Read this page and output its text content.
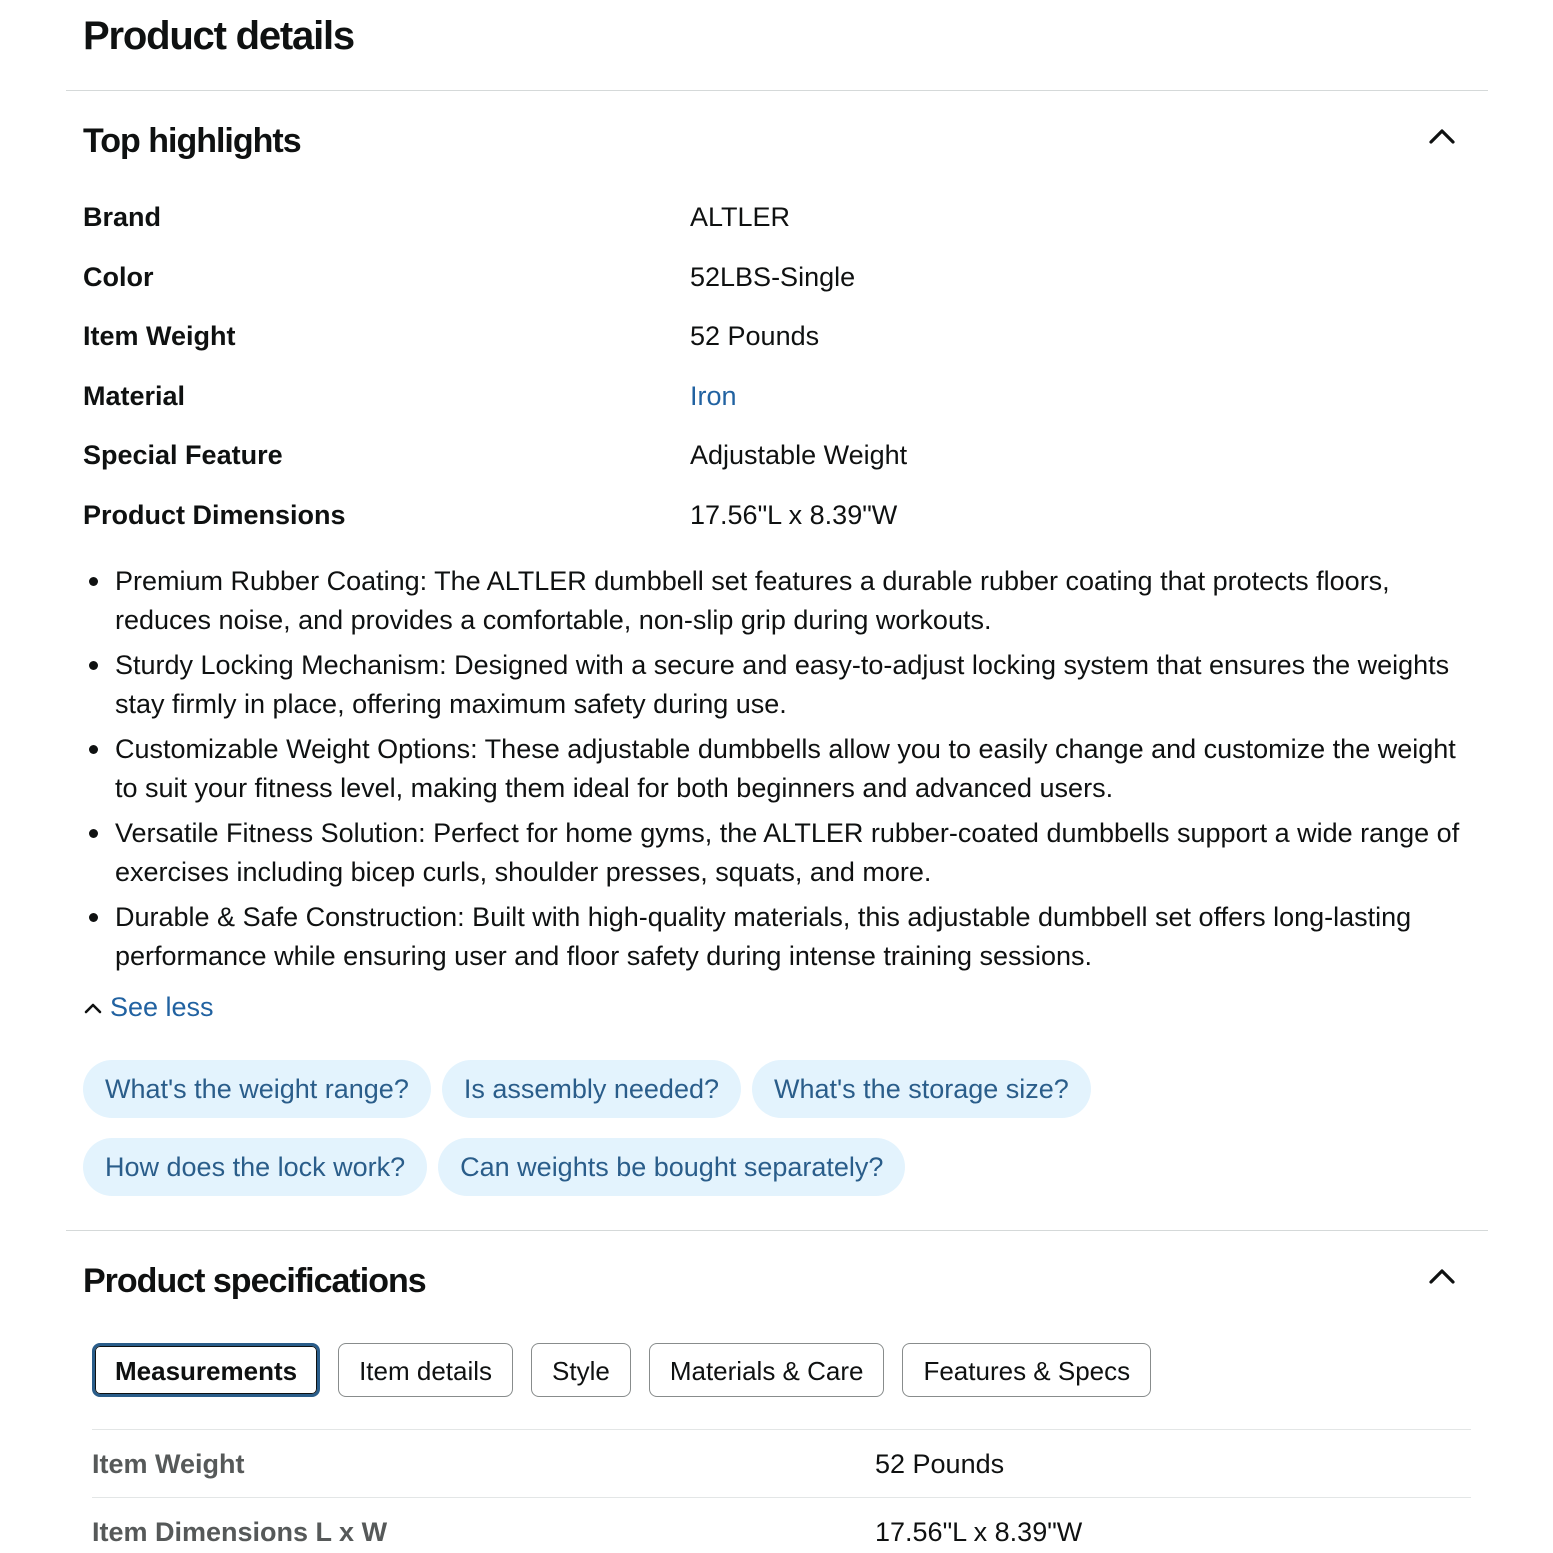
Product details
Top highlights
Brand	ALTLER
Color	52LBS-Single
Item Weight	52 Pounds
Material	Iron
Special Feature	Adjustable Weight
Product Dimensions	17.56"L x 8.39"W
Premium Rubber Coating: The ALTLER dumbbell set features a durable rubber coating that protects floors, reduces noise, and provides a comfortable, non-slip grip during workouts.
Sturdy Locking Mechanism: Designed with a secure and easy-to-adjust locking system that ensures the weights stay firmly in place, offering maximum safety during use.
Customizable Weight Options: These adjustable dumbbells allow you to easily change and customize the weight to suit your fitness level, making them ideal for both beginners and advanced users.
Versatile Fitness Solution: Perfect for home gyms, the ALTLER rubber-coated dumbbells support a wide range of exercises including bicep curls, shoulder presses, squats, and more.
Durable & Safe Construction: Built with high-quality materials, this adjustable dumbbell set offers long-lasting performance while ensuring user and floor safety during intense training sessions.
See less
What's the weight range?	Is assembly needed?	What's the storage size?
How does the lock work?	Can weights be bought separately?
Product specifications
Measurements	Item details	Style	Materials & Care	Features & Specs
Item Weight	52 Pounds
Item Dimensions L x W	17.56"L x 8.39"W
